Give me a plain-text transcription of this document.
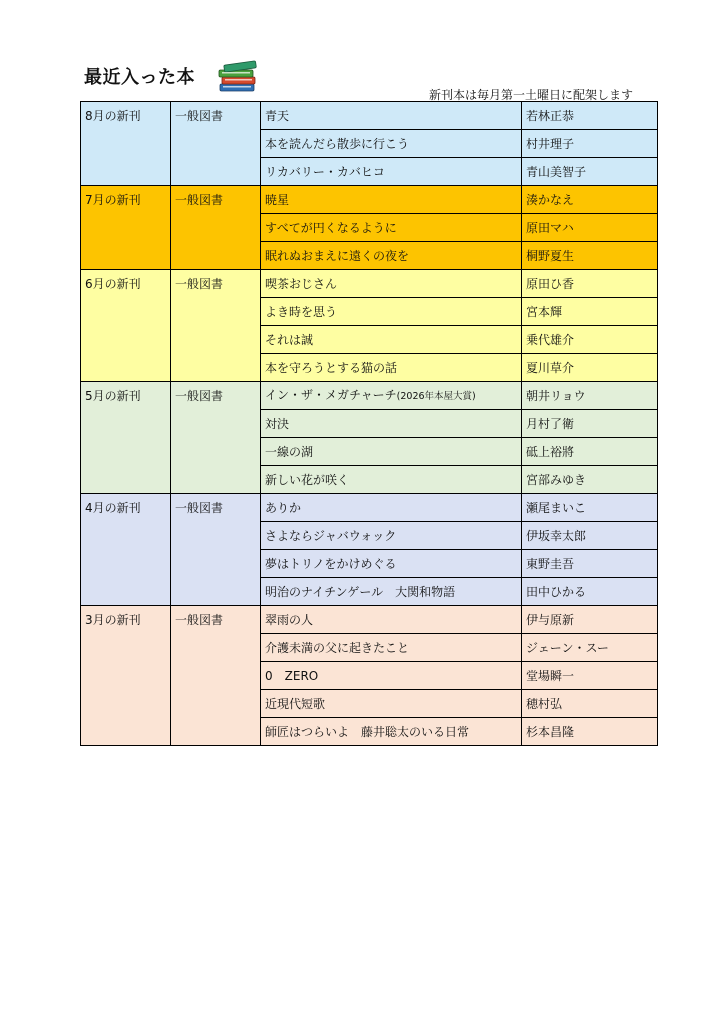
最近入った本
新刊本は毎月第一土曜日に配架します
8月の新刊	一般図書	青天	若林正恭
		本を読んだら散歩に行こう	村井理子
		リカバリー・カバヒコ	青山美智子
7月の新刊	一般図書	暁星	湊かなえ
		すべてが円くなるように	原田マハ
		眠れぬおまえに遠くの夜を	桐野夏生
6月の新刊	一般図書	喫茶おじさん	原田ひ香
		よき時を思う	宮本輝
		それは誠	乗代雄介
		本を守ろうとする猫の話	夏川草介
5月の新刊	一般図書	イン・ザ・メガチャーチ(2026年本屋大賞)	朝井リョウ
		対決	月村了衛
		一線の湖	砥上裕將
		新しい花が咲く	宮部みゆき
4月の新刊	一般図書	ありか	瀬尾まいこ
		さよならジャバウォック	伊坂幸太郎
		夢はトリノをかけめぐる	東野圭吾
		明治のナイチンゲール　大関和物語	田中ひかる
3月の新刊	一般図書	翠雨の人	伊与原新
		介護未満の父に起きたこと	ジェーン・スー
		0　ZERO	堂場瞬一
		近現代短歌	穂村弘
		師匠はつらいよ　藤井聡太のいる日常	杉本昌隆
